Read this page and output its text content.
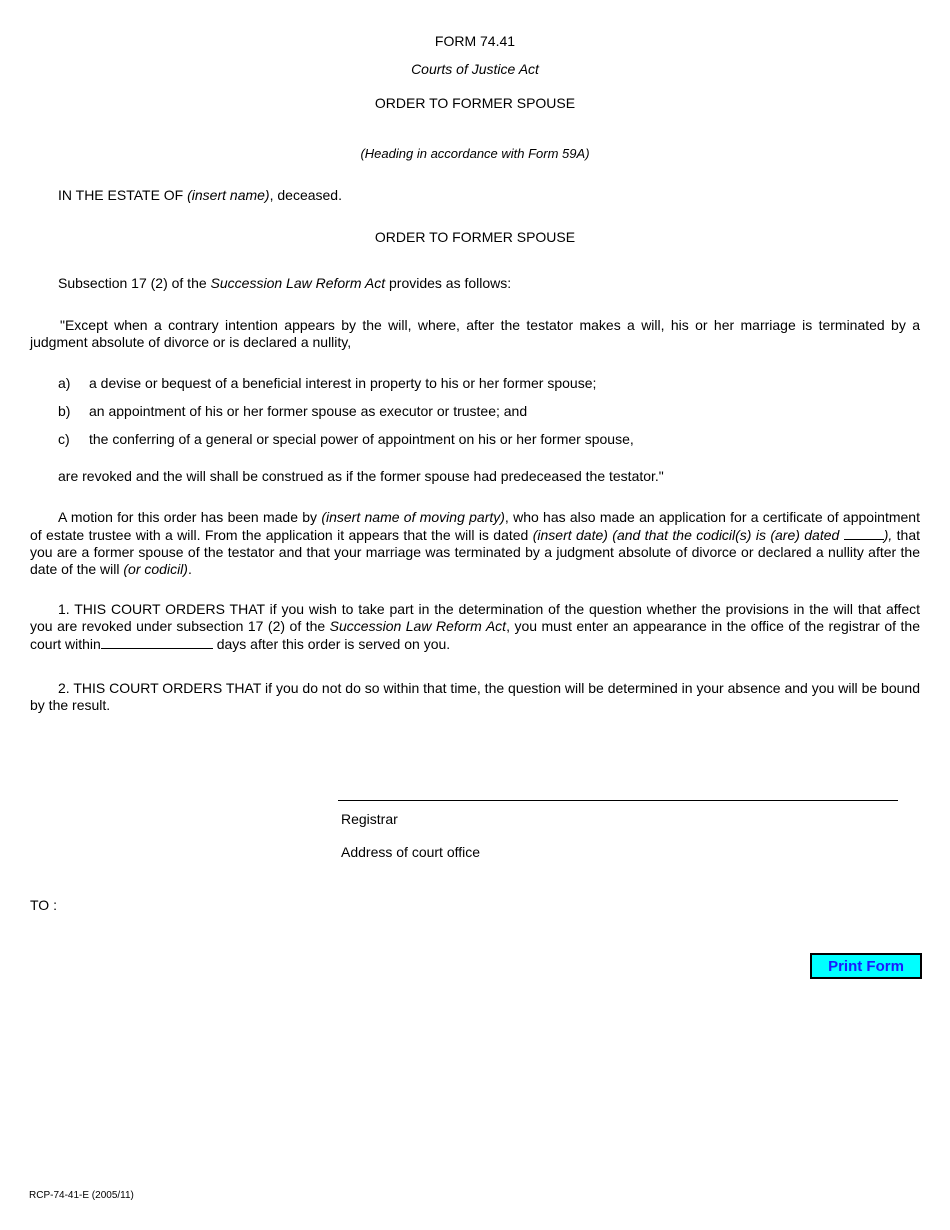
FORM 74.41
Courts of Justice Act
ORDER TO FORMER SPOUSE
(Heading in accordance with Form 59A)
IN THE ESTATE OF (insert name), deceased.
ORDER TO FORMER SPOUSE
Subsection 17 (2) of the Succession Law Reform Act provides as follows:
"Except when a contrary intention appears by the will, where, after the testator makes a will, his or her marriage is terminated by a judgment absolute of divorce or is declared a nullity,
a) a devise or bequest of a beneficial interest in property to his or her former spouse;
b) an appointment of his or her former spouse as executor or trustee; and
c) the conferring of a general or special power of appointment on his or her former spouse,
are revoked and the will shall be construed as if the former spouse had predeceased the testator."
A motion for this order has been made by (insert name of moving party), who has also made an application for a certificate of appointment of estate trustee with a will. From the application it appears that the will is dated (insert date) (and that the codicil(s) is (are) dated	), that you are a former spouse of the testator and that your marriage was terminated by a judgment absolute of divorce or declared a nullity after the date of the will (or codicil).
1. THIS COURT ORDERS THAT if you wish to take part in the determination of the question whether the provisions in the will that affect you are revoked under subsection 17 (2) of the Succession Law Reform Act, you must enter an appearance in the office of the registrar of the court within	days after this order is served on you.
2. THIS COURT ORDERS THAT if you do not do so within that time, the question will be determined in your absence and you will be bound by the result.
Registrar
Address of court office
TO :
Print Form
RCP-74-41-E (2005/11)
